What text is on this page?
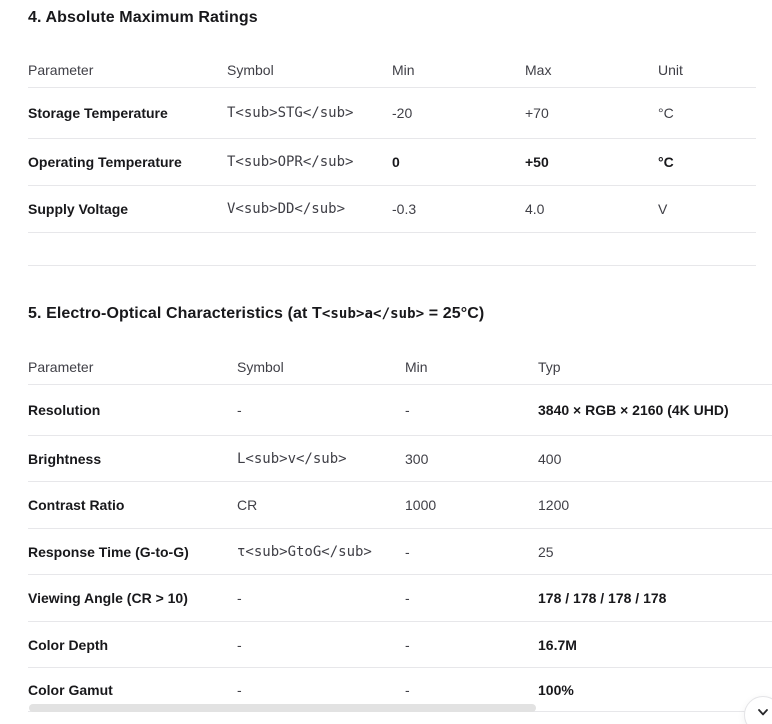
4. Absolute Maximum Ratings
Parameter	Symbol	Min	Max	Unit
Storage Temperature	T<sub>STG</sub>	-20	+70	°C
Operating Temperature	T<sub>OPR</sub>	0	+50	°C
Supply Voltage	V<sub>DD</sub>	-0.3	4.0	V
5. Electro-Optical Characteristics (at T<sub>a</sub> = 25°C)
Parameter	Symbol	Min	Typ
Resolution	-	-	3840 × RGB × 2160 (4K UHD)
Brightness	L<sub>v</sub>	300	400
Contrast Ratio	CR	1000	1200
Response Time (G-to-G)	τ<sub>GtoG</sub>	-	25
Viewing Angle (CR > 10)	-	-	178 / 178 / 178 / 178
Color Depth	-	-	16.7M
Color Gamut	-	-	100%
